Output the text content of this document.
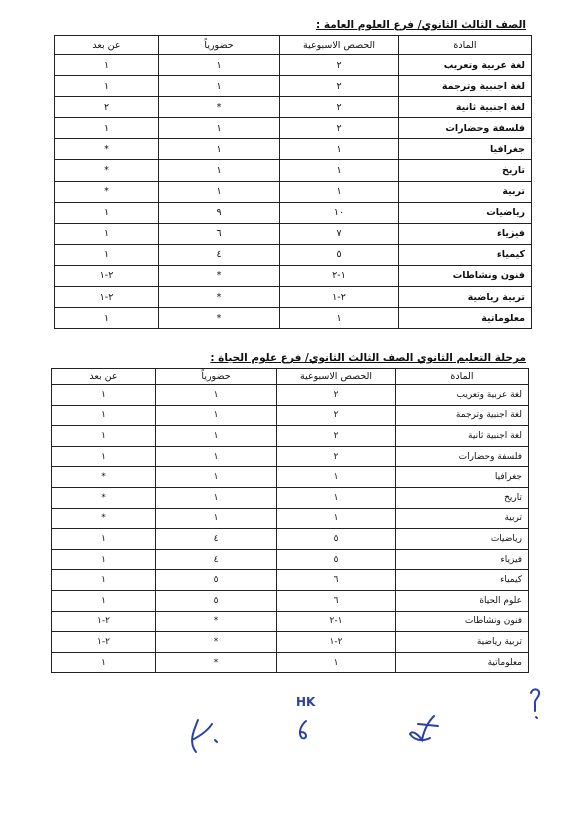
الصف الثالث الثانوي/ فرع العلوم العامة :
المادة	الحصص الاسبوعية	حضورياً	عن بعد
لغة عربية وتعريب	٢	١	١
لغة اجنبية وترجمة	٢	١	١
لغة اجنبية ثانية	٢	*	٢
فلسفة وحضارات	٢	١	١
جغرافيا	١	١	*
تاريخ	١	١	*
تربية	١	١	*
رياضيات	١٠	٩	١
فيزياء	٧	٦	١
كيمياء	٥	٤	١
فنون ونشاطات	١-٢	*	٢-١
تربية رياضية	٢-١	*	٢-١
معلوماتية	١	*	١
مرحلة التعليم الثانوي الصف الثالث الثانوي/ فرع علوم الحياة :
المادة	الحصص الاسبوعية	حضورياً	عن بعد
لغة عربية وتعريب	٢	١	١
لغة اجنبية وترجمة	٢	١	١
لغة اجنبية ثانية	٢	١	١
فلسفة وحضارات	٢	١	١
جغرافيا	١	١	*
تاريخ	١	١	*
تربية	١	١	*
رياضيات	٥	٤	١
فيزياء	٥	٤	١
كيمياء	٦	٥	١
علوم الحياة	٦	٥	١
فنون ونشاطات	١-٢	*	٢-١
تربية رياضية	٢-١	*	٢-١
معلوماتية	١	*	١
HK
